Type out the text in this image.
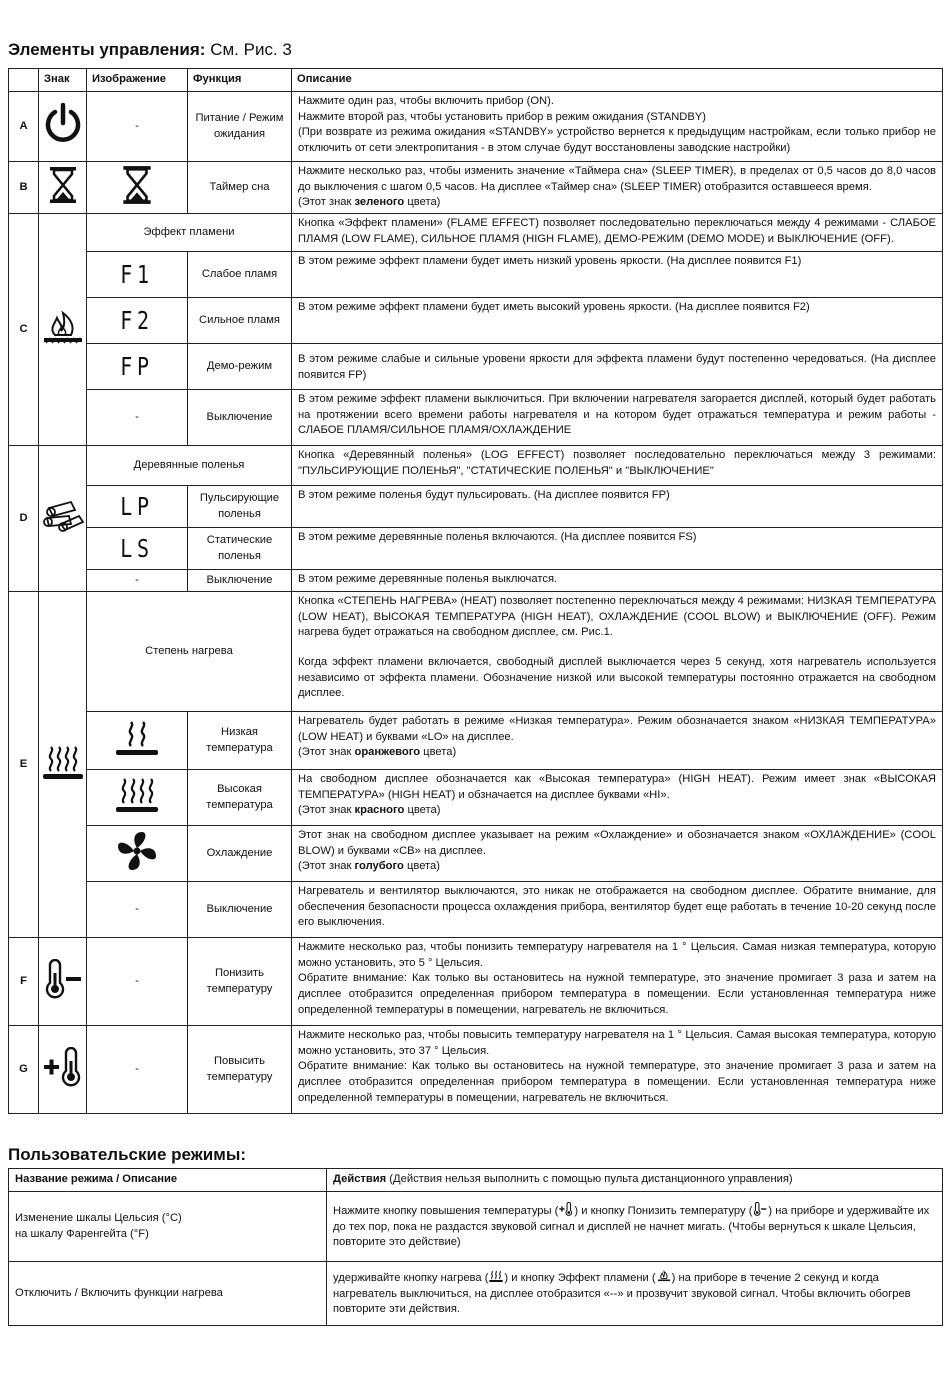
Элементы управления: См. Рис. 3
	Знак	Изображение	Функция	Описание
A		-	Питание / Режим ожидания	Нажмите один раз, чтобы включить прибор (ON).
Нажмите второй раз, чтобы установить прибор в режим ожидания (STANDBY)
(При возврате из режима ожидания «STANDBY» устройство вернется к предыдущим настройкам, если только прибор не отключить от сети электропитания - в этом случае будут восстановлены заводские настройки)

B			Таймер сна	Нажмите несколько раз, чтобы изменить значение «Таймера сна» (SLEEP TIMER), в пределах от 0,5 часов до 8,0 часов до выключения с шагом 0,5 часов. На дисплее «Таймер сна» (SLEEP TIMER) отобразится оставшееся время.
(Этот знак зеленого цвета)

C		Эффект пламени		Кнопка «Эффект пламени» (FLAME EFFECT) позволяет последовательно переключаться между 4 режимами - СЛАБОЕ ПЛАМЯ (LOW FLAME), СИЛЬНОЕ ПЛАМЯ (HIGH FLAME), ДЕМО-РЕЖИМ (DEMO MODE) и ВЫКЛЮЧЕНИЕ (OFF).
		F1	Слабое пламя	В этом режиме эффект пламени будет иметь низкий уровень яркости. (На дисплее появится F1)
		F2	Сильное пламя	В этом режиме эффект пламени будет иметь высокий уровень яркости. (На дисплее появится F2)
		FP	Демо-режим	В этом режиме слабые и сильные уровени яркости для эффекта пламени будут постепенно чередоваться. (На дисплее появится FP)
		-	Выключение	В этом режиме эффект пламени выключиться. При включении нагревателя загорается дисплей, который будет работать на протяжении всего времени работы нагревателя и на котором будет отражаться температура и режим работы - СЛАБОЕ ПЛАМЯ/СИЛЬНОЕ ПЛАМЯ/ОХЛАЖДЕНИЕ
D		Деревянные поленья		Кнопка «Деревянный поленья» (LOG EFFECT) позволяет последовательно переключаться между 3 режимами: "ПУЛЬСИРУЮЩИЕ ПОЛЕНЬЯ", "СТАТИЧЕСКИЕ ПОЛЕНЬЯ" и "ВЫКЛЮЧЕНИЕ"
		LP	Пульсирующие поленья	В этом режиме поленья будут пульсировать. (На дисплее появится FP)
		LS	Статические поленья	В этом режиме деревянные поленья включаются. (На дисплее появится FS)
		-	Выключение	В этом режиме деревянные поленья выключатся.
E		Степень нагрева		Кнопка «СТЕПЕНЬ НАГРЕВА» (HEAT) позволяет постепенно переключаться между 4 режимами: НИЗКАЯ ТЕМПЕРАТУРА (LOW HEAT), ВЫСОКАЯ ТЕМПЕРАТУРА (HIGH HEAT), ОХЛАЖДЕНИЕ (COOL BLOW) и ВЫКЛЮЧЕНИЕ (OFF). Режим нагрева будет отражаться на свободном дисплее, см. Рис.1.
Когда эффект пламени включается, свободный дисплей выключается через 5 секунд, хотя нагреватель используется независимо от эффекта пламени. Обозначение низкой или высокой температуры постоянно отражается на свободном дисплее.

	Низкая температура	Нагреватель будет работать в режиме «Низкая температура». Режим обозначается знаком «НИЗКАЯ ТЕМПЕРАТУРА» (LOW HEAT) и буквами «LO» на дисплее.
(Этот знак оранжевого цвета)

	Высокая температура	На свободном дисплее обозначается как «Высокая температура» (HIGH HEAT). Режим имеет знак «ВЫСОКАЯ ТЕМПЕРАТУРА» (HIGH HEAT) и обзначается на дисплее буквами «HI».
(Этот знак красного цвета)

	Охлаждение	Этот знак на свободном дисплее указывает на режим «Охлаждение» и обозначается знаком «ОХЛАЖДЕНИЕ» (COOL BLOW) и буквами «CB» на дисплее.
(Этот знак голубого цвета)

		-	Выключение	Нагреватель и вентилятор выключаются, это никак не отображается на свободном дисплее. Обратите внимание, для обеспечения безопасности процесса охлаждения прибора, вентилятор будет еще работать в течение 10-20 секунд после его выключения.
F		-	Понизить температуру	Нажмите несколько раз, чтобы понизить температуру нагревателя на 1 ° Цельсия. Самая низкая температура, которую можно установить, это 5 ° Цельсия.
Обратите внимание: Как только вы остановитесь на нужной температуре, это значение промигает 3 раза и затем на дисплее отобразится определенная прибором температура в помещении. Если установленная температура ниже определенной температуры в помещении, нагреватель не включиться.

G		-	Повысить температуру	Нажмите несколько раз, чтобы повысить температуру нагревателя на 1 ° Цельсия. Самая высокая температура, которую можно установить, это 37 ° Цельсия.
Обратите внимание: Как только вы остановитесь на нужной температуре, это значение промигает 3 раза и затем на дисплее отобразится определенная прибором температура в помещении. Если установленная температура ниже определенной температуры в помещении, нагреватель не включиться.
Пользовательские режимы:
Название режима / Описание	Действия (Действия нельзя выполнить с помощью пульта дистанционного управления)

Изменение шкалы Цельсия (°C)
на шкалу Фаренгейта (°F)	Нажмите кнопку повышения температуры ( ) и кнопку Понизить температуру ( ) на приборе и удерживайте их до тех пор, пока не раздастся звуковой сигнал и дисплей не начнет мигать. (Чтобы вернуться к шкале Цельсия, повторите это действие)

Отключить / Включить функции нагрева	удерживайте кнопку нагрева ( ) и кнопку Эффект пламени ( ) на приборе в течение 2 секунд и когда нагреватель выключиться, на дисплее отобразится «--» и прозвучит звуковой сигнал. Чтобы включить обогрев повторите эти действия.
